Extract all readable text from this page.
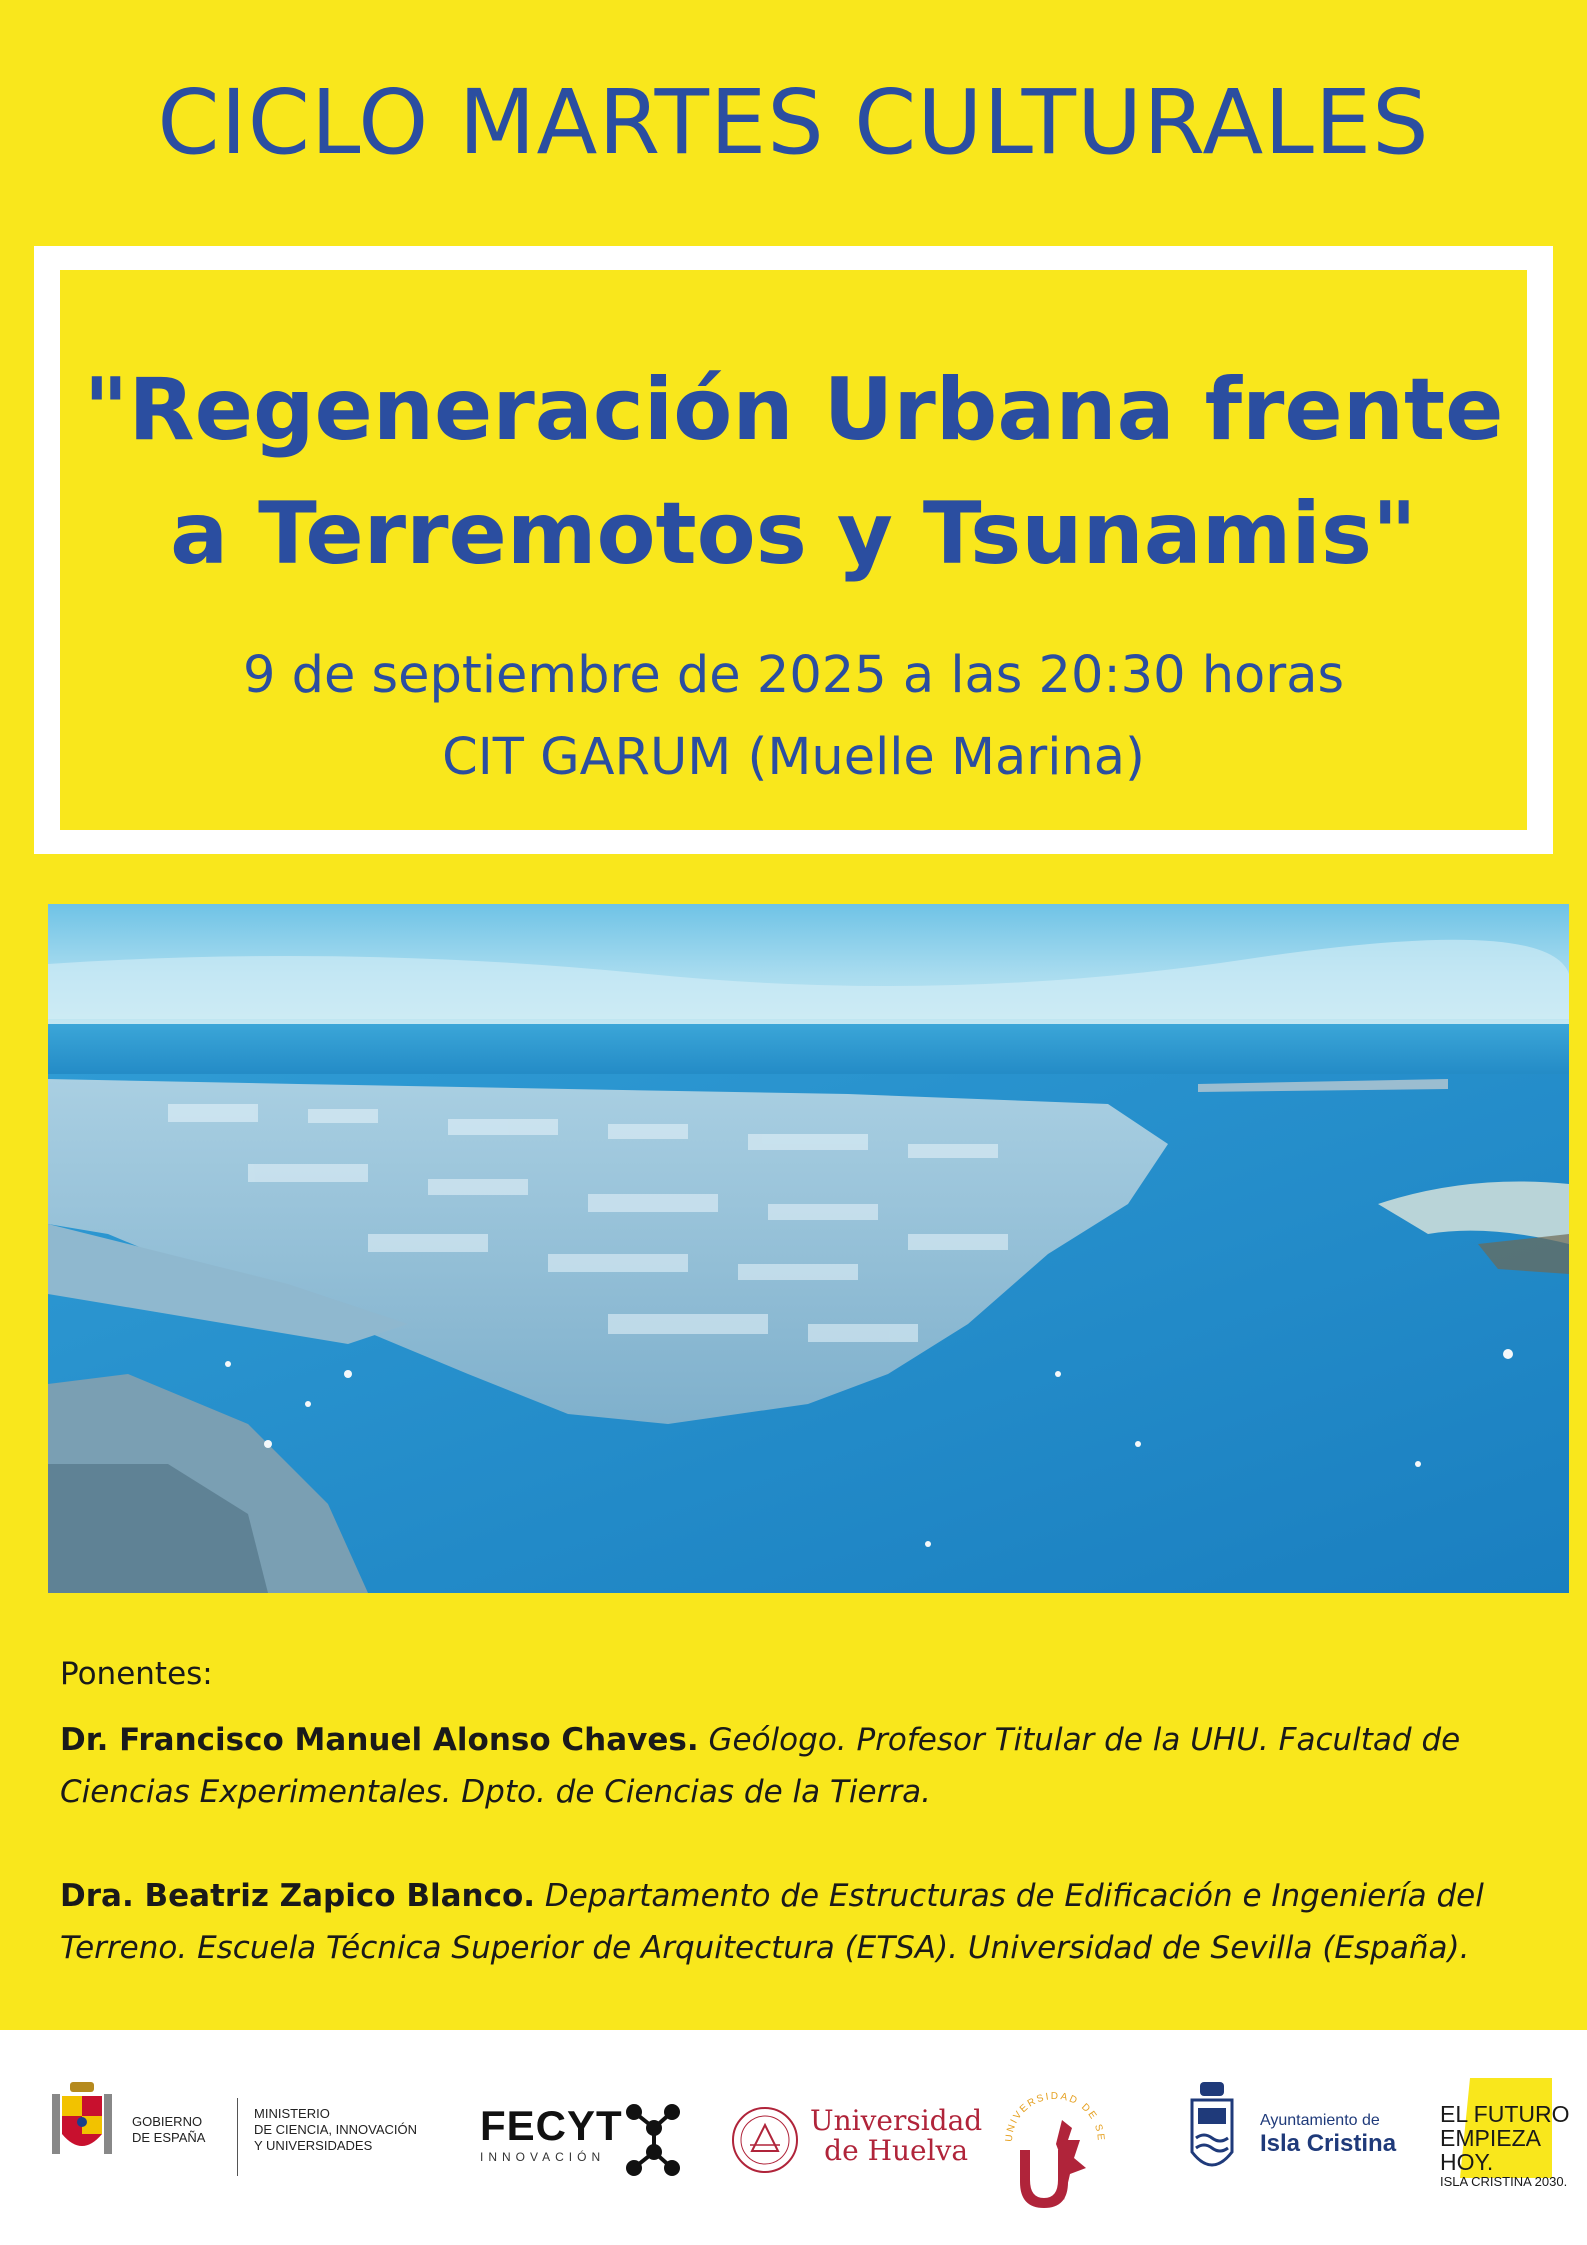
CICLO MARTES CULTURALES
"Regeneración Urbana frente
a Terremotos y Tsunamis"
9 de septiembre de 2025 a las 20:30 horas
CIT GARUM (Muelle Marina)
Ponentes:
Dr. Francisco Manuel Alonso Chaves. Geólogo. Profesor Titular de la UHU. Facultad de Ciencias Experimentales. Dpto. de Ciencias de la Tierra.
Dra. Beatriz Zapico Blanco. Departamento de Estructuras de Edificación e Ingeniería del Terreno. Escuela Técnica Superior de Arquitectura (ETSA). Universidad de Sevilla (España).
GOBIERNO
DE ESPAÑA
MINISTERIO
DE CIENCIA, INNOVACIÓN
Y UNIVERSIDADES	FECYT
INNOVACIÓN
Universidad
de Huelva	UNIVERSIDAD DE SE
Ayuntamiento de
Isla Cristina
EL FUTURO
EMPIEZA HOY.
ISLA CRISTINA 2030.
